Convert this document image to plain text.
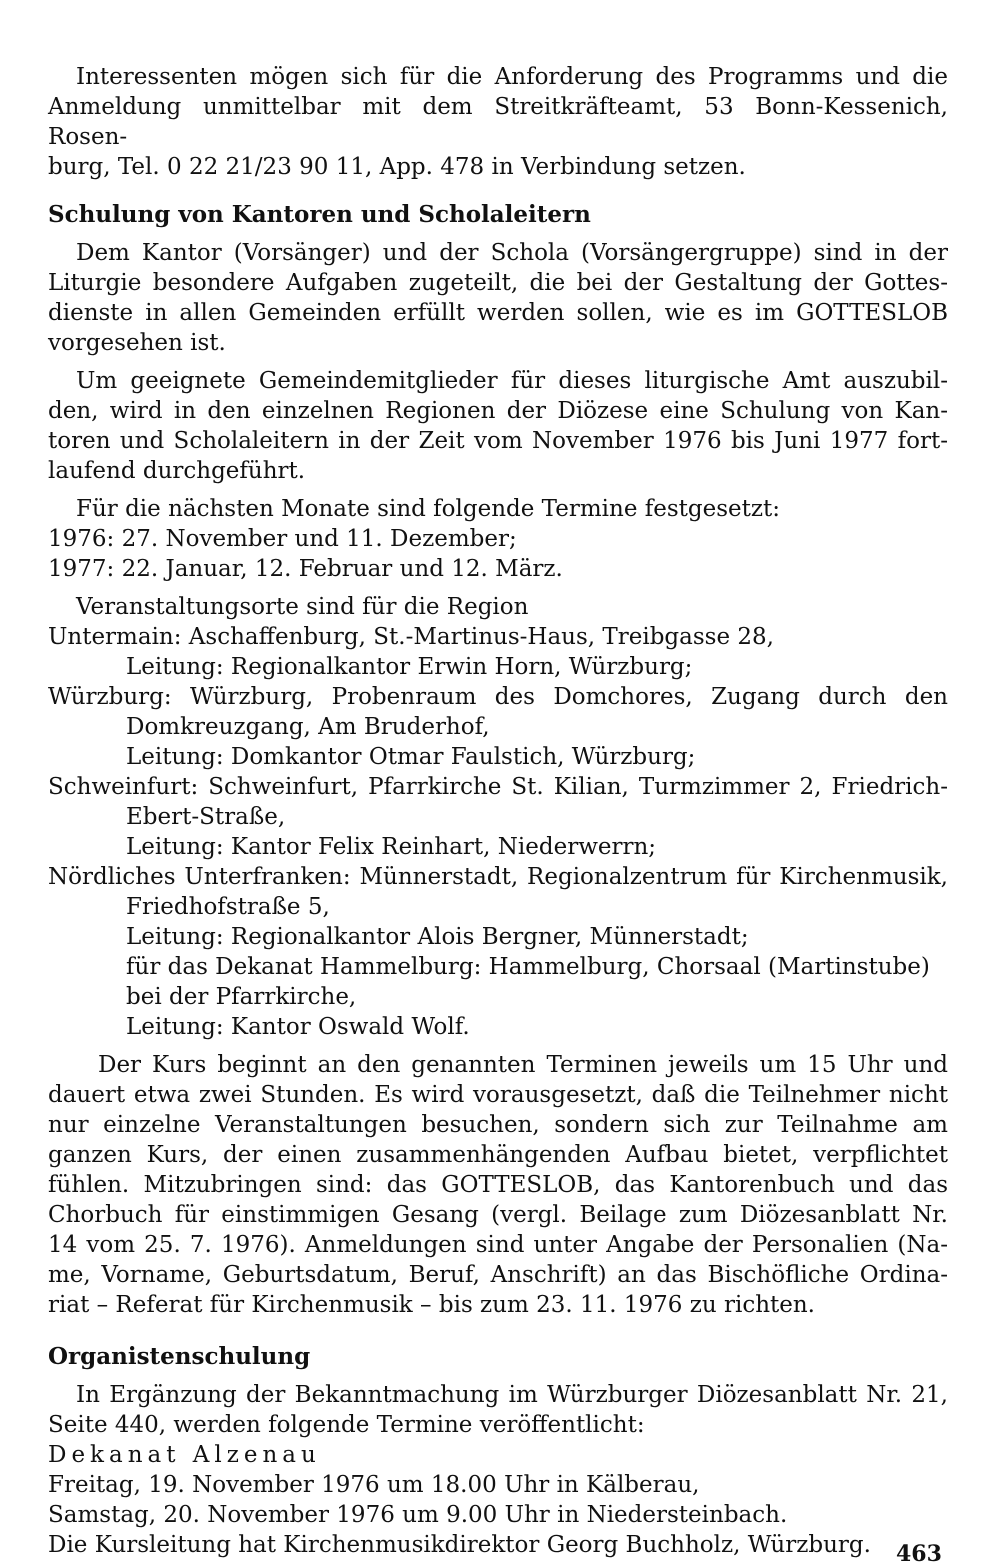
Interessenten mögen sich für die Anforderung des Programms und die
Anmeldung unmittelbar mit dem Streitkräfteamt, 53 Bonn-Kessenich, Rosen-
burg, Tel. 0 22 21/23 90 11, App. 478 in Verbindung setzen.
Schulung von Kantoren und Scholaleitern
Dem Kantor (Vorsänger) und der Schola (Vorsängergruppe) sind in der
Liturgie besondere Aufgaben zugeteilt, die bei der Gestaltung der Gottes-
dienste in allen Gemeinden erfüllt werden sollen, wie es im GOTTESLOB
vorgesehen ist.
Um geeignete Gemeindemitglieder für dieses liturgische Amt auszubil-
den, wird in den einzelnen Regionen der Diözese eine Schulung von Kan-
toren und Scholaleitern in der Zeit vom November 1976 bis Juni 1977 fort-
laufend durchgeführt.
Für die nächsten Monate sind folgende Termine festgesetzt:
1976: 27. November und 11. Dezember;
1977: 22. Januar, 12. Februar und 12. März.
Veranstaltungsorte sind für die Region
Untermain: Aschaffenburg, St.-Martinus-Haus, Treibgasse 28,
Leitung: Regionalkantor Erwin Horn, Würzburg;
Würzburg: Würzburg, Probenraum des Domchores, Zugang durch den
Domkreuzgang, Am Bruderhof,
Leitung: Domkantor Otmar Faulstich, Würzburg;
Schweinfurt: Schweinfurt, Pfarrkirche St. Kilian, Turmzimmer 2, Friedrich-
Ebert-Straße,
Leitung: Kantor Felix Reinhart, Niederwerrn;
Nördliches Unterfranken: Münnerstadt, Regionalzentrum für Kirchenmusik,
Friedhofstraße 5,
Leitung: Regionalkantor Alois Bergner, Münnerstadt;
für das Dekanat Hammelburg: Hammelburg, Chorsaal (Martinstube)
bei der Pfarrkirche,
Leitung: Kantor Oswald Wolf.
Der Kurs beginnt an den genannten Terminen jeweils um 15 Uhr und
dauert etwa zwei Stunden. Es wird vorausgesetzt, daß die Teilnehmer nicht
nur einzelne Veranstaltungen besuchen, sondern sich zur Teilnahme am
ganzen Kurs, der einen zusammenhängenden Aufbau bietet, verpflichtet
fühlen. Mitzubringen sind: das GOTTESLOB, das Kantorenbuch und das
Chorbuch für einstimmigen Gesang (vergl. Beilage zum Diözesanblatt Nr.
14 vom 25. 7. 1976). Anmeldungen sind unter Angabe der Personalien (Na-
me, Vorname, Geburtsdatum, Beruf, Anschrift) an das Bischöfliche Ordina-
riat – Referat für Kirchenmusik – bis zum 23. 11. 1976 zu richten.
Organistenschulung
In Ergänzung der Bekanntmachung im Würzburger Diözesanblatt Nr. 21,
Seite 440, werden folgende Termine veröffentlicht:
Dekanat Alzenau
Freitag, 19. November 1976 um 18.00 Uhr in Kälberau,
Samstag, 20. November 1976 um 9.00 Uhr in Niedersteinbach.
Die Kursleitung hat Kirchenmusikdirektor Georg Buchholz, Würzburg.	463
